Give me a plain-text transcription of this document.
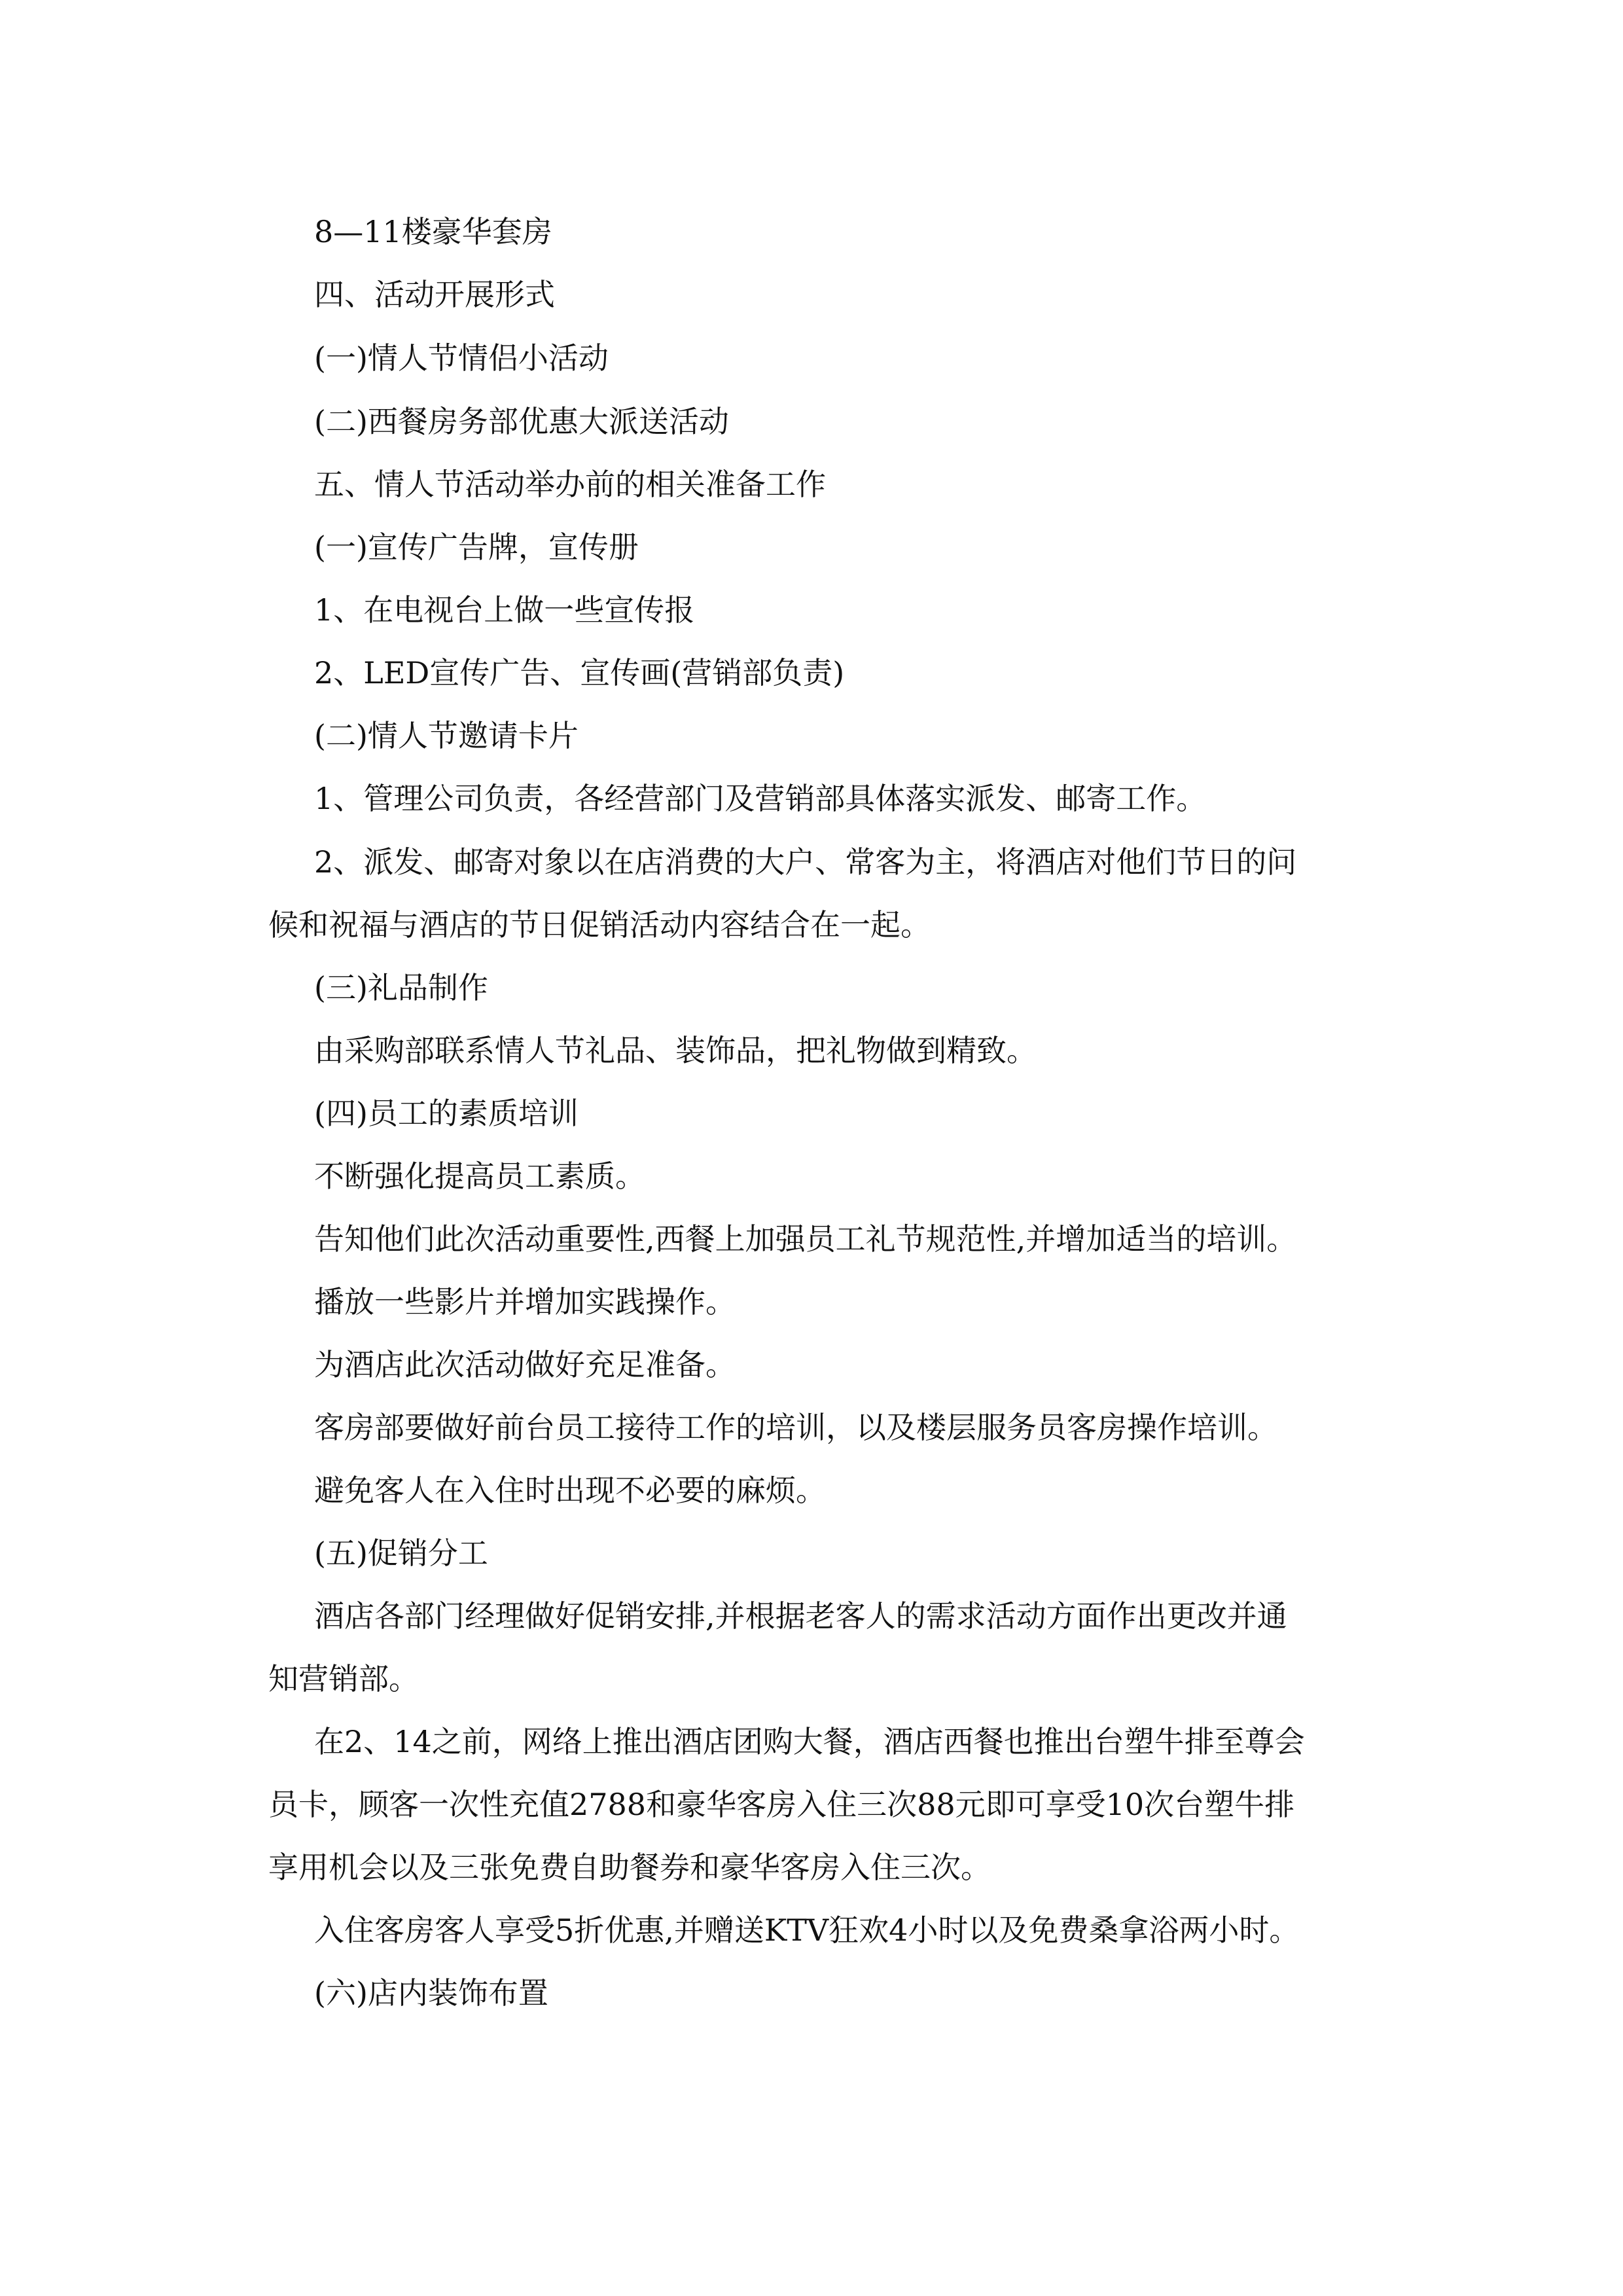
8—11楼豪华套房
四、活动开展形式
(一)情人节情侣小活动
(二)西餐房务部优惠大派送活动
五、情人节活动举办前的相关准备工作
(一)宣传广告牌，宣传册
1、在电视台上做一些宣传报
2、LED宣传广告、宣传画(营销部负责)
(二)情人节邀请卡片
1、管理公司负责，各经营部门及营销部具体落实派发、邮寄工作。
2、派发、邮寄对象以在店消费的大户、常客为主，将酒店对他们节日的问
候和祝福与酒店的节日促销活动内容结合在一起。
(三)礼品制作
由采购部联系情人节礼品、装饰品，把礼物做到精致。
(四)员工的素质培训
不断强化提高员工素质。
告知他们此次活动重要性,西餐上加强员工礼节规范性,并增加适当的培训。
播放一些影片并增加实践操作。
为酒店此次活动做好充足准备。
客房部要做好前台员工接待工作的培训，以及楼层服务员客房操作培训。
避免客人在入住时出现不必要的麻烦。
(五)促销分工
酒店各部门经理做好促销安排,并根据老客人的需求活动方面作出更改并通
知营销部。
在2、14之前，网络上推出酒店团购大餐，酒店西餐也推出台塑牛排至尊会
员卡，顾客一次性充值2788和豪华客房入住三次88元即可享受10次台塑牛排
享用机会以及三张免费自助餐券和豪华客房入住三次。
入住客房客人享受5折优惠,并赠送KTV狂欢4小时以及免费桑拿浴两小时。
(六)店内装饰布置
